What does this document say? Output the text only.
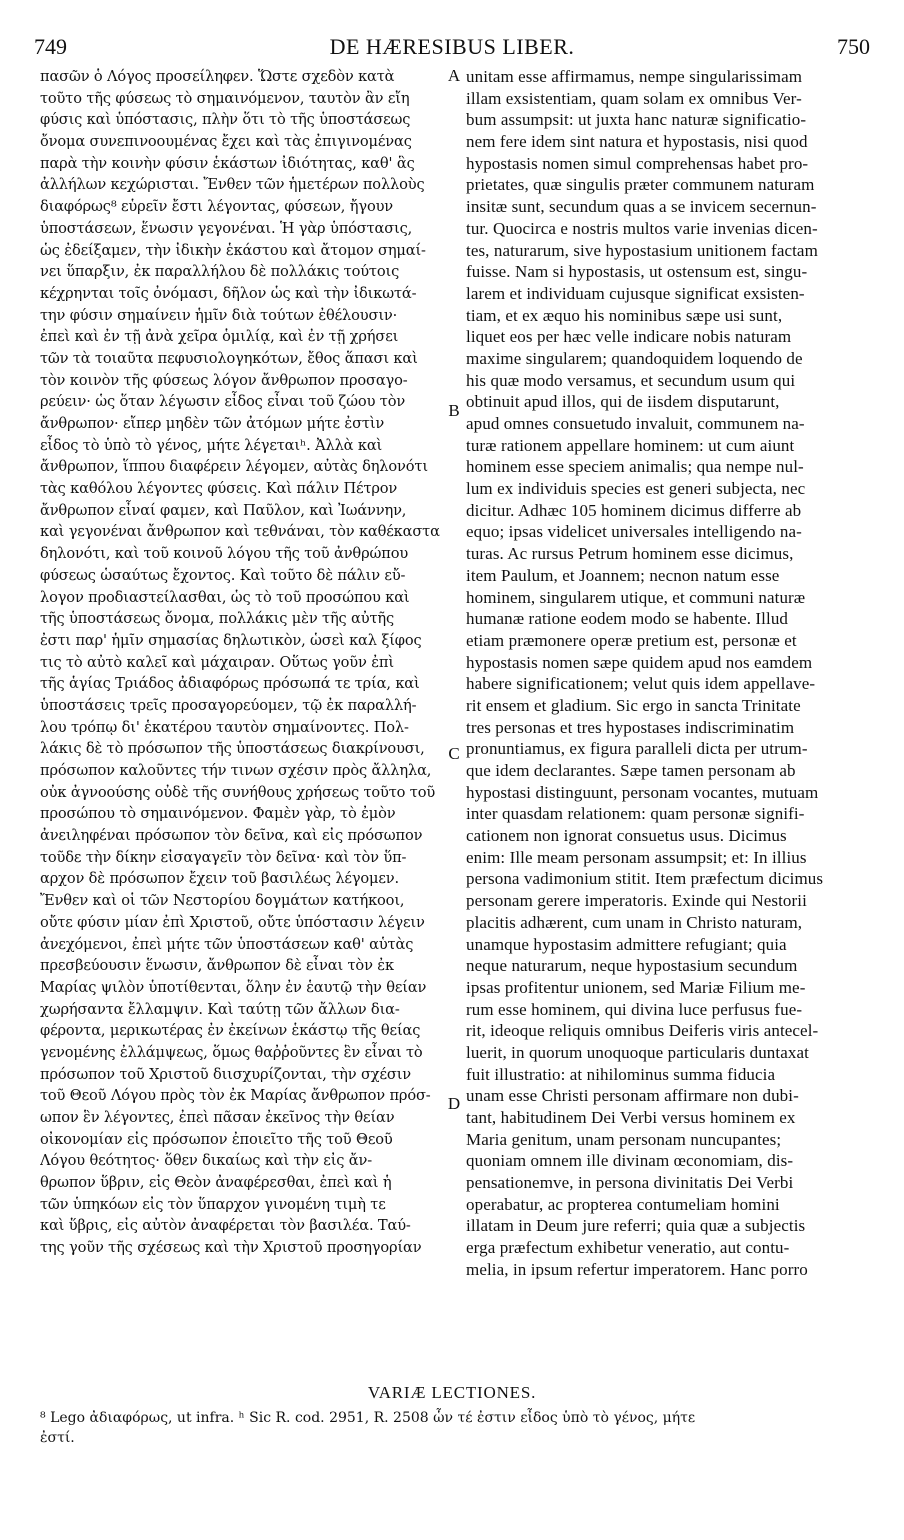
749	DE HÆRESIBUS LIBER.	750
πασῶν ὁ Λόγος προσείληφεν. Ὥστε σχεδὸν κατὰ
τοῦτο τῆς φύσεως τὸ σημαινόμενον, ταυτὸν ἂν εἴη
φύσις καὶ ὑπόστασις, πλὴν ὅτι τὸ τῆς ὑποστάσεως
ὄνομα συνεπινοουμένας ἔχει καὶ τὰς ἐπιγινομένας
παρὰ τὴν κοινὴν φύσιν ἑκάστων ἰδιότητας, καθ' ἃς
ἀλλήλων κεχώρισται. Ἔνθεν τῶν ἡμετέρων πολλοὺς
διαφόρως⁸ εὑρεῖν ἔστι λέγοντας, φύσεων, ἤγουν
ὑποστάσεων, ἕνωσιν γεγονέναι. Ἡ γὰρ ὑπόστασις,
ὡς ἐδείξαμεν, τὴν ἰδικὴν ἑκάστου καὶ ἄτομον σημαί-
νει ὕπαρξιν, ἐκ παραλλήλου δὲ πολλάκις τούτοις
κέχρηνται τοῖς ὀνόμασι, δῆλον ὡς καὶ τὴν ἰδικωτά-
την φύσιν σημαίνειν ἡμῖν διὰ τούτων ἐθέλουσιν·
ἐπεὶ καὶ ἐν τῇ ἀνὰ χεῖρα ὁμιλίᾳ, καὶ ἐν τῇ χρήσει
τῶν τὰ τοιαῦτα πεφυσιολογηκότων, ἔθος ἅπασι καὶ
τὸν κοινὸν τῆς φύσεως λόγον ἄνθρωπον προσαγο-
ρεύειν· ὡς ὅταν λέγωσιν εἶδος εἶναι τοῦ ζώου τὸν
ἄνθρωπον· εἴπερ μηδὲν τῶν ἀτόμων μήτε ἐστὶν
εἶδος τὸ ὑπὸ τὸ γένος, μήτε λέγεταιʰ. Ἀλλὰ καὶ
ἄνθρωπον, ἵππου διαφέρειν λέγομεν, αὐτὰς δηλονότι
τὰς καθόλου λέγοντες φύσεις. Καὶ πάλιν Πέτρον
ἄνθρωπον εἶναί φαμεν, καὶ Παῦλον, καὶ Ἰωάννην,
καὶ γεγονέναι ἄνθρωπον καὶ τεθνάναι, τὸν καθέκαστα
δηλονότι, καὶ τοῦ κοινοῦ λόγου τῆς τοῦ ἀνθρώπου
φύσεως ὡσαύτως ἔχοντος. Καὶ τοῦτο δὲ πάλιν εὔ-
λογον προδιαστείλασθαι, ὡς τὸ τοῦ προσώπου καὶ
τῆς ὑποστάσεως ὄνομα, πολλάκις μὲν τῆς αὐτῆς
ἐστι παρ' ἡμῖν σημασίας δηλωτικὸν, ὡσεὶ καλ ξίφος
τις τὸ αὐτὸ καλεῖ καὶ μάχαιραν. Οὕτως γοῦν ἐπὶ
τῆς ἁγίας Τριάδος ἀδιαφόρως πρόσωπά τε τρία, καὶ
ὑποστάσεις τρεῖς προσαγορεύομεν, τῷ ἐκ παραλλή-
λου τρόπῳ δι' ἑκατέρου ταυτὸν σημαίνοντες. Πολ-
λάκις δὲ τὸ πρόσωπον τῆς ὑποστάσεως διακρίνουσι,
πρόσωπον καλοῦντες τήν τινων σχέσιν πρὸς ἄλληλα,
οὐκ ἀγνοούσης οὐδὲ τῆς συνήθους χρήσεως τοῦτο τοῦ
προσώπου τὸ σημαινόμενον. Φαμὲν γὰρ, τὸ ἐμὸν
ἀνειληφέναι πρόσωπον τὸν δεῖνα, καὶ εἰς πρόσωπον
τοῦδε τὴν δίκην εἰσαγαγεῖν τὸν δεῖνα· καὶ τὸν ὕπ-
αρχον δὲ πρόσωπον ἔχειν τοῦ βασιλέως λέγομεν.
Ἔνθεν καὶ οἱ τῶν Νεστορίου δογμάτων κατήκοοι,
οὔτε φύσιν μίαν ἐπὶ Χριστοῦ, οὔτε ὑπόστασιν λέγειν
ἀνεχόμενοι, ἐπεὶ μήτε τῶν ὑποστάσεων καθ' αὑτὰς
πρεσβεύουσιν ἕνωσιν, ἄνθρωπον δὲ εἶναι τὸν ἐκ
Μαρίας ψιλὸν ὑποτίθενται, ὅλην ἐν ἑαυτῷ τὴν θείαν
χωρήσαντα ἔλλαμψιν. Καὶ ταύτῃ τῶν ἄλλων δια-
φέροντα, μερικωτέρας ἐν ἐκείνων ἑκάστῳ τῆς θείας
γενομένης ἐλλάμψεως, ὅμως θαῤῥοῦντες ἓν εἶναι τὸ
πρόσωπον τοῦ Χριστοῦ διισχυρίζονται, τὴν σχέσιν
τοῦ Θεοῦ Λόγου πρὸς τὸν ἐκ Μαρίας ἄνθρωπον πρόσ-
ωπον ἓν λέγοντες, ἐπεὶ πᾶσαν ἐκεῖνος τὴν θείαν
οἰκονομίαν εἰς πρόσωπον ἐποιεῖτο τῆς τοῦ Θεοῦ
Λόγου θεότητος· ὅθεν δικαίως καὶ τὴν εἰς ἄν-
θρωπον ὕβριν, εἰς Θεὸν ἀναφέρεσθαι, ἐπεὶ καὶ ἡ
τῶν ὑπηκόων εἰς τὸν ὕπαρχον γινομένη τιμὴ τε
καὶ ὕβρις, εἰς αὐτὸν ἀναφέρεται τὸν βασιλέα. Ταύ-
της γοῦν τῆς σχέσεως καὶ τὴν Χριστοῦ προσηγορίαν
unitam esse affirmamus, nempe singularissimam
illam exsistentiam, quam solam ex omnibus Ver-
bum assumpsit: ut juxta hanc naturæ significatio-
nem fere idem sint natura et hypostasis, nisi quod
hypostasis nomen simul comprehensas habet pro-
prietates, quæ singulis præter communem naturam
insitæ sunt, secundum quas a se invicem secernun-
tur. Quocirca e nostris multos varie invenias dicen-
tes, naturarum, sive hypostasium unitionem factam
fuisse. Nam si hypostasis, ut ostensum est, singu-
larem et individuam cujusque significat exsisten-
tiam, et ex æquo his nominibus sæpe usi sunt,
liquet eos per hæc velle indicare nobis naturam
maxime singularem; quandoquidem loquendo de
his quæ modo versamus, et secundum usum qui
obtinuit apud illos, qui de iisdem disputarunt,
apud omnes consuetudo invaluit, communem na-
turæ rationem appellare hominem: ut cum aiunt
hominem esse speciem animalis; qua nempe nul-
lum ex individuis species est generi subjecta, nec
dicitur. Adhæc 105 hominem dicimus differre ab
equo; ipsas videlicet universales intelligendo na-
turas. Ac rursus Petrum hominem esse dicimus,
item Paulum, et Joannem; necnon natum esse
hominem, singularem utique, et communi naturæ
humanæ ratione eodem modo se habente. Illud
etiam præmonere operæ pretium est, personæ et
hypostasis nomen sæpe quidem apud nos eamdem
habere significationem; velut quis idem appellave-
rit ensem et gladium. Sic ergo in sancta Trinitate
tres personas et tres hypostases indiscriminatim
pronuntiamus, ex figura paralleli dicta per utrum-
que idem declarantes. Sæpe tamen personam ab
hypostasi distinguunt, personam vocantes, mutuam
inter quasdam relationem: quam personæ signifi-
cationem non ignorat consuetus usus. Dicimus
enim: Ille meam personam assumpsit; et: In illius
persona vadimonium stitit. Item præfectum dicimus
personam gerere imperatoris. Exinde qui Nestorii
placitis adhærent, cum unam in Christo naturam,
unamque hypostasim admittere refugiant; quia
neque naturarum, neque hypostasium secundum
ipsas profitentur unionem, sed Mariæ Filium me-
rum esse hominem, qui divina luce perfusus fue-
rit, ideoque reliquis omnibus Deiferis viris antecel-
luerit, in quorum unoquoque particularis duntaxat
fuit illustratio: at nihilominus summa fiducia
unam esse Christi personam affirmare non dubi-
tant, habitudinem Dei Verbi versus hominem ex
Maria genitum, unam personam nuncupantes;
quoniam omnem ille divinam œconomiam, dis-
pensationemve, in persona divinitatis Dei Verbi
operabatur, ac propterea contumeliam homini
illatam in Deum jure referri; quia quæ a subjectis
erga præfectum exhibetur veneratio, aut contu-
melia, in ipsum refertur imperatorem. Hanc porro
A
B
C
D
VARIÆ LECTIONES.
⁸ Lego ἀδιαφόρως, ut infra. ʰ Sic R. cod. 2951, R. 2508 ὧν τέ ἐστιν εἶδος ὑπὸ τὸ γένος, μήτε
ἐστί.
